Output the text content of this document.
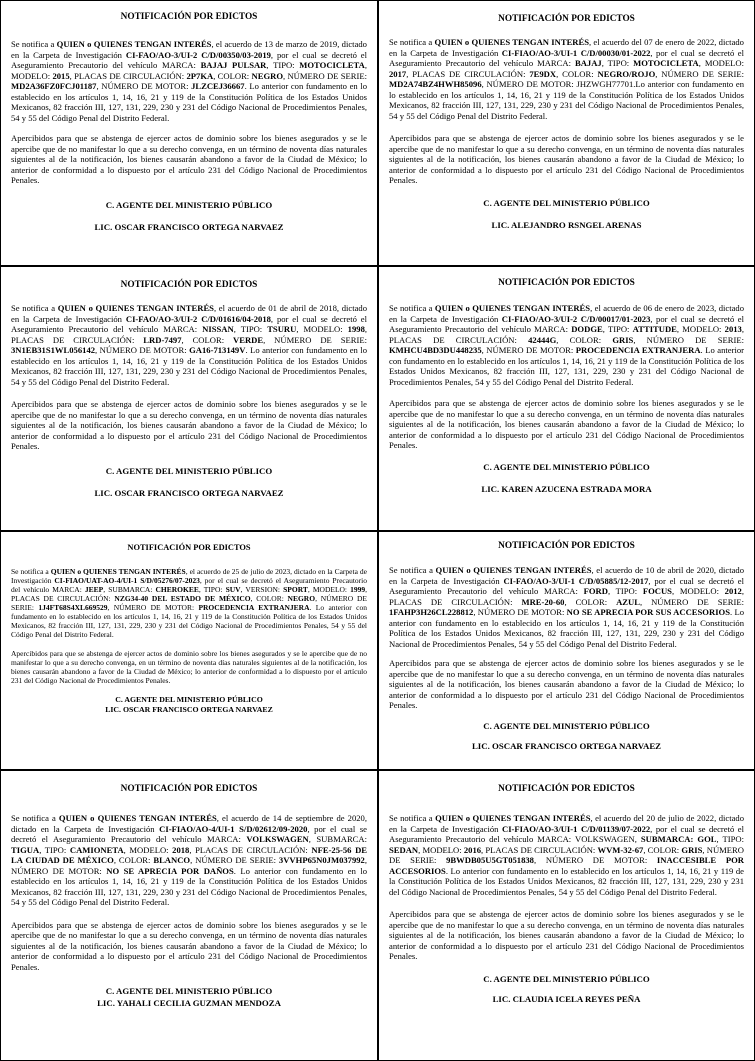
NOTIFICACIÓN POR EDICTOS
Se notifica a QUIEN o QUIENES TENGAN INTERÉS, el acuerdo de 13 de marzo de 2019, dictado en la Carpeta de Investigación CI-FAO/AO-3/UI-2 C/D/00350/03-2019, por el cual se decretó el Aseguramiento Precautorio del vehículo MARCA: BAJAJ PULSAR, TIPO: MOTOCICLETA, MODELO: 2015, PLACAS DE CIRCULACIÓN: 2P7KA, COLOR: NEGRO, NÚMERO DE SERIE: MD2A36FZ0FCJ01187, NÚMERO DE MOTOR: JLZCEJ36667. Lo anterior con fundamento en lo establecido en los artículos 1, 14, 16, 21 y 119 de la Constitución Política de los Estados Unidos Mexicanos, 82 fracción III, 127, 131, 229, 230 y 231 del Código Nacional de Procedimientos Penales, 54 y 55 del Código Penal del Distrito Federal.
Apercibidos para que se abstenga de ejercer actos de dominio sobre los bienes asegurados y se le apercibe que de no manifestar lo que a su derecho convenga, en un término de noventa días naturales siguientes al de la notificación, los bienes causarán abandono a favor de la Ciudad de México; lo anterior de conformidad a lo dispuesto por el artículo 231 del Código Nacional de Procedimientos Penales.
C. AGENTE DEL MINISTERIO PÚBLICO
LIC. OSCAR FRANCISCO ORTEGA NARVAEZ
NOTIFICACIÓN POR EDICTOS
Se notifica a QUIEN o QUIENES TENGAN INTERÉS, el acuerdo del 07 de enero de 2022, dictado en la Carpeta de Investigación CI-FIAO/AO-3/UI-1 C/D/00030/01-2022, por el cual se decretó el Aseguramiento Precautorio del vehículo MARCA: BAJAJ, TIPO: MOTOCICLETA, MODELO: 2017, PLACAS DE CIRCULACIÓN: 7E9DX, COLOR: NEGRO/ROJO, NÚMERO DE SERIE: MD2A74BZ4HWH85096, NÚMERO DE MOTOR: JHZWGH77701.Lo anterior con fundamento en lo establecido en los artículos 1, 14, 16, 21 y 119 de la Constitución Política de los Estados Unidos Mexicanos, 82 fracción III, 127, 131, 229, 230 y 231 del Código Nacional de Procedimientos Penales, 54 y 55 del Código Penal del Distrito Federal.
Apercibidos para que se abstenga de ejercer actos de dominio sobre los bienes asegurados y se le apercibe que de no manifestar lo que a su derecho convenga, en un término de noventa días naturales siguientes al de la notificación, los bienes causarán abandono a favor de la Ciudad de México; lo anterior de conformidad a lo dispuesto por el artículo 231 del Código Nacional de Procedimientos Penales.
C. AGENTE DEL MINISTERIO PÚBLICO
LIC. ALEJANDRO RSNGEL ARENAS
NOTIFICACIÓN POR EDICTOS
Se notifica a QUIEN o QUIENES TENGAN INTERÉS, el acuerdo de 01 de abril de 2018, dictado en la Carpeta de Investigación CI-FAO/AO-3/UI-2 C/D/01616/04-2018, por el cual se decretó el Aseguramiento Precautorio del vehículo MARCA: NISSAN, TIPO: TSURU, MODELO: 1998, PLACAS DE CIRCULACIÓN: LRD-7497, COLOR: VERDE, NÚMERO DE SERIE: 3N1EB31S1WL056142, NÚMERO DE MOTOR: GA16-713149V. Lo anterior con fundamento en lo establecido en los artículos 1, 14, 16, 21 y 119 de la Constitución Política de los Estados Unidos Mexicanos, 82 fracción III, 127, 131, 229, 230 y 231 del Código Nacional de Procedimientos Penales, 54 y 55 del Código Penal del Distrito Federal.
Apercibidos para que se abstenga de ejercer actos de dominio sobre los bienes asegurados y se le apercibe que de no manifestar lo que a su derecho convenga, en un término de noventa días naturales siguientes al de la notificación, los bienes causarán abandono a favor de la Ciudad de México; lo anterior de conformidad a lo dispuesto por el artículo 231 del Código Nacional de Procedimientos Penales.
C. AGENTE DEL MINISTERIO PÚBLICO
LIC. OSCAR FRANCISCO ORTEGA NARVAEZ
NOTIFICACIÓN POR EDICTOS
Se notifica a QUIEN o QUIENES TENGAN INTERÉS, el acuerdo de 06 de enero de 2023, dictado en la Carpeta de Investigación CI-FIAO/AO-3/UI-2 C/D/00017/01-2023, por el cual se decretó el Aseguramiento Precautorio del vehículo MARCA: DODGE, TIPO: ATTITUDE, MODELO: 2013, PLACAS DE CIRCULACIÓN: 42444G, COLOR: GRIS, NÚMERO DE SERIE: KMHCU4BD3DU448235, NÚMERO DE MOTOR: PROCEDENCIA EXTRANJERA. Lo anterior con fundamento en lo establecido en los artículos 1, 14, 16, 21 y 119 de la Constitución Política de los Estados Unidos Mexicanos, 82 fracción III, 127, 131, 229, 230 y 231 del Código Nacional de Procedimientos Penales, 54 y 55 del Código Penal del Distrito Federal.
Apercibidos para que se abstenga de ejercer actos de dominio sobre los bienes asegurados y se le apercibe que de no manifestar lo que a su derecho convenga, en un término de noventa días naturales siguientes al de la notificación, los bienes causarán abandono a favor de la Ciudad de México; lo anterior de conformidad a lo dispuesto por el artículo 231 del Código Nacional de Procedimientos Penales.
C. AGENTE DEL MINISTERIO PÚBLICO
LIC. KAREN AZUCENA ESTRADA MORA
NOTIFICACIÓN POR EDICTOS
Se notifica a QUIEN o QUIENES TENGAN INTERÉS, el acuerdo de 25 de julio de 2023, dictado en la Carpeta de Investigación CI-FIAO/UAT-AO-4/UI-1 S/D/05276/07-2023, por el cual se decretó el Aseguramiento Precautorio del vehículo MARCA: JEEP, SUBMARCA: CHEROKEE, TIPO: SUV, VERSION: SPORT, MODELO: 1999, PLACAS DE CIRCULACIÓN: NZG34-40 DEL ESTADO DE MÉXICO, COLOR: NEGRO, NÚMERO DE SERIE: 1J4FT68S4XL669529, NÚMERO DE MOTOR: PROCEDENCIA EXTRANJERA. Lo anterior con fundamento en lo establecido en los artículos 1, 14, 16, 21 y 119 de la Constitución Política de los Estados Unidos Mexicanos, 82 fracción III, 127, 131, 229, 230 y 231 del Código Nacional de Procedimientos Penales, 54 y 55 del Código Penal del Distrito Federal.
Apercibidos para que se abstenga de ejercer actos de dominio sobre los bienes asegurados y se le apercibe que de no manifestar lo que a su derecho convenga, en un término de noventa días naturales siguientes al de la notificación, los bienes causarán abandono a favor de la Ciudad de México; lo anterior de conformidad a lo dispuesto por el artículo 231 del Código Nacional de Procedimientos Penales.
C. AGENTE DEL MINISTERIO PÚBLICO
LIC. OSCAR FRANCISCO ORTEGA NARVAEZ
NOTIFICACIÓN POR EDICTOS
Se notifica a QUIEN o QUIENES TENGAN INTERÉS, el acuerdo de 10 de abril de 2020, dictado en la Carpeta de Investigación CI-FAO/AO-3/UI-1 C/D/05885/12-2017, por el cual se decretó el Aseguramiento Precautorio del vehículo MARCA: FORD, TIPO: FOCUS, MODELO: 2012, PLACAS DE CIRCULACIÓN: MRE-20-60, COLOR: AZUL, NÚMERO DE SERIE: 1FAHP3H26CL228812, NÚMERO DE MOTOR: NO SE APRECIA POR SUS ACCESORIOS. Lo anterior con fundamento en lo establecido en los artículos 1, 14, 16, 21 y 119 de la Constitución Política de los Estados Unidos Mexicanos, 82 fracción III, 127, 131, 229, 230 y 231 del Código Nacional de Procedimientos Penales, 54 y 55 del Código Penal del Distrito Federal.
Apercibidos para que se abstenga de ejercer actos de dominio sobre los bienes asegurados y se le apercibe que de no manifestar lo que a su derecho convenga, en un término de noventa días naturales siguientes al de la notificación, los bienes causarán abandono a favor de la Ciudad de México; lo anterior de conformidad a lo dispuesto por el artículo 231 del Código Nacional de Procedimientos Penales.
C. AGENTE DEL MINISTERIO PÚBLICO
LIC. OSCAR FRANCISCO ORTEGA NARVAEZ
NOTIFICACIÓN POR EDICTOS
Se notifica a QUIEN o QUIENES TENGAN INTERÉS, el acuerdo de 14 de septiembre de 2020, dictado en la Carpeta de Investigación CI-FIAO/AO-4/UI-1 S/D/02612/09-2020, por el cual se decretó el Aseguramiento Precautorio del vehículo MARCA: VOLKSWAGEN, SUBMARCA: TIGUA, TIPO: CAMIONETA, MODELO: 2018, PLACAS DE CIRCULACIÓN: NFE-25-56 DE LA CIUDAD DE MÉXICO, COLOR: BLANCO, NÚMERO DE SERIE: 3VVHP65N0JM037992, NÚMERO DE MOTOR: NO SE APRECIA POR DAÑOS. Lo anterior con fundamento en lo establecido en los artículos 1, 14, 16, 21 y 119 de la Constitución Política de los Estados Unidos Mexicanos, 82 fracción III, 127, 131, 229, 230 y 231 del Código Nacional de Procedimientos Penales, 54 y 55 del Código Penal del Distrito Federal.
Apercibidos para que se abstenga de ejercer actos de dominio sobre los bienes asegurados y se le apercibe que de no manifestar lo que a su derecho convenga, en un término de noventa días naturales siguientes al de la notificación, los bienes causarán abandono a favor de la Ciudad de México; lo anterior de conformidad a lo dispuesto por el artículo 231 del Código Nacional de Procedimientos Penales.
C. AGENTE DEL MINISTERIO PÚBLICO
LIC. YAHALI CECILIA GUZMAN MENDOZA
NOTIFICACIÓN POR EDICTOS
Se notifica a QUIEN o QUIENES TENGAN INTERÉS, el acuerdo del 20 de julio de 2022, dictado en la Carpeta de Investigación CI-FIAO/AO-3/UI-1 C/D/01139/07-2022, por el cual se decretó el Aseguramiento Precautorio del vehículo MARCA: VOLKSWAGEN, SUBMARCA: GOL, TIPO: SEDAN, MODELO: 2016, PLACAS DE CIRCULACIÓN: WVM-32-67, COLOR: GRIS, NÚMERO DE SERIE: 9BWDB05U5GT051838, NÚMERO DE MOTOR: INACCESIBLE POR ACCESORIOS. Lo anterior con fundamento en lo establecido en los artículos 1, 14, 16, 21 y 119 de la Constitución Política de los Estados Unidos Mexicanos, 82 fracción III, 127, 131, 229, 230 y 231 del Código Nacional de Procedimientos Penales, 54 y 55 del Código Penal del Distrito Federal.
Apercibidos para que se abstenga de ejercer actos de dominio sobre los bienes asegurados y se le apercibe que de no manifestar lo que a su derecho convenga, en un término de noventa días naturales siguientes al de la notificación, los bienes causarán abandono a favor de la Ciudad de México; lo anterior de conformidad a lo dispuesto por el artículo 231 del Código Nacional de Procedimientos Penales.
C. AGENTE DEL MINISTERIO PÚBLICO
LIC. CLAUDIA ICELA REYES PEÑA
